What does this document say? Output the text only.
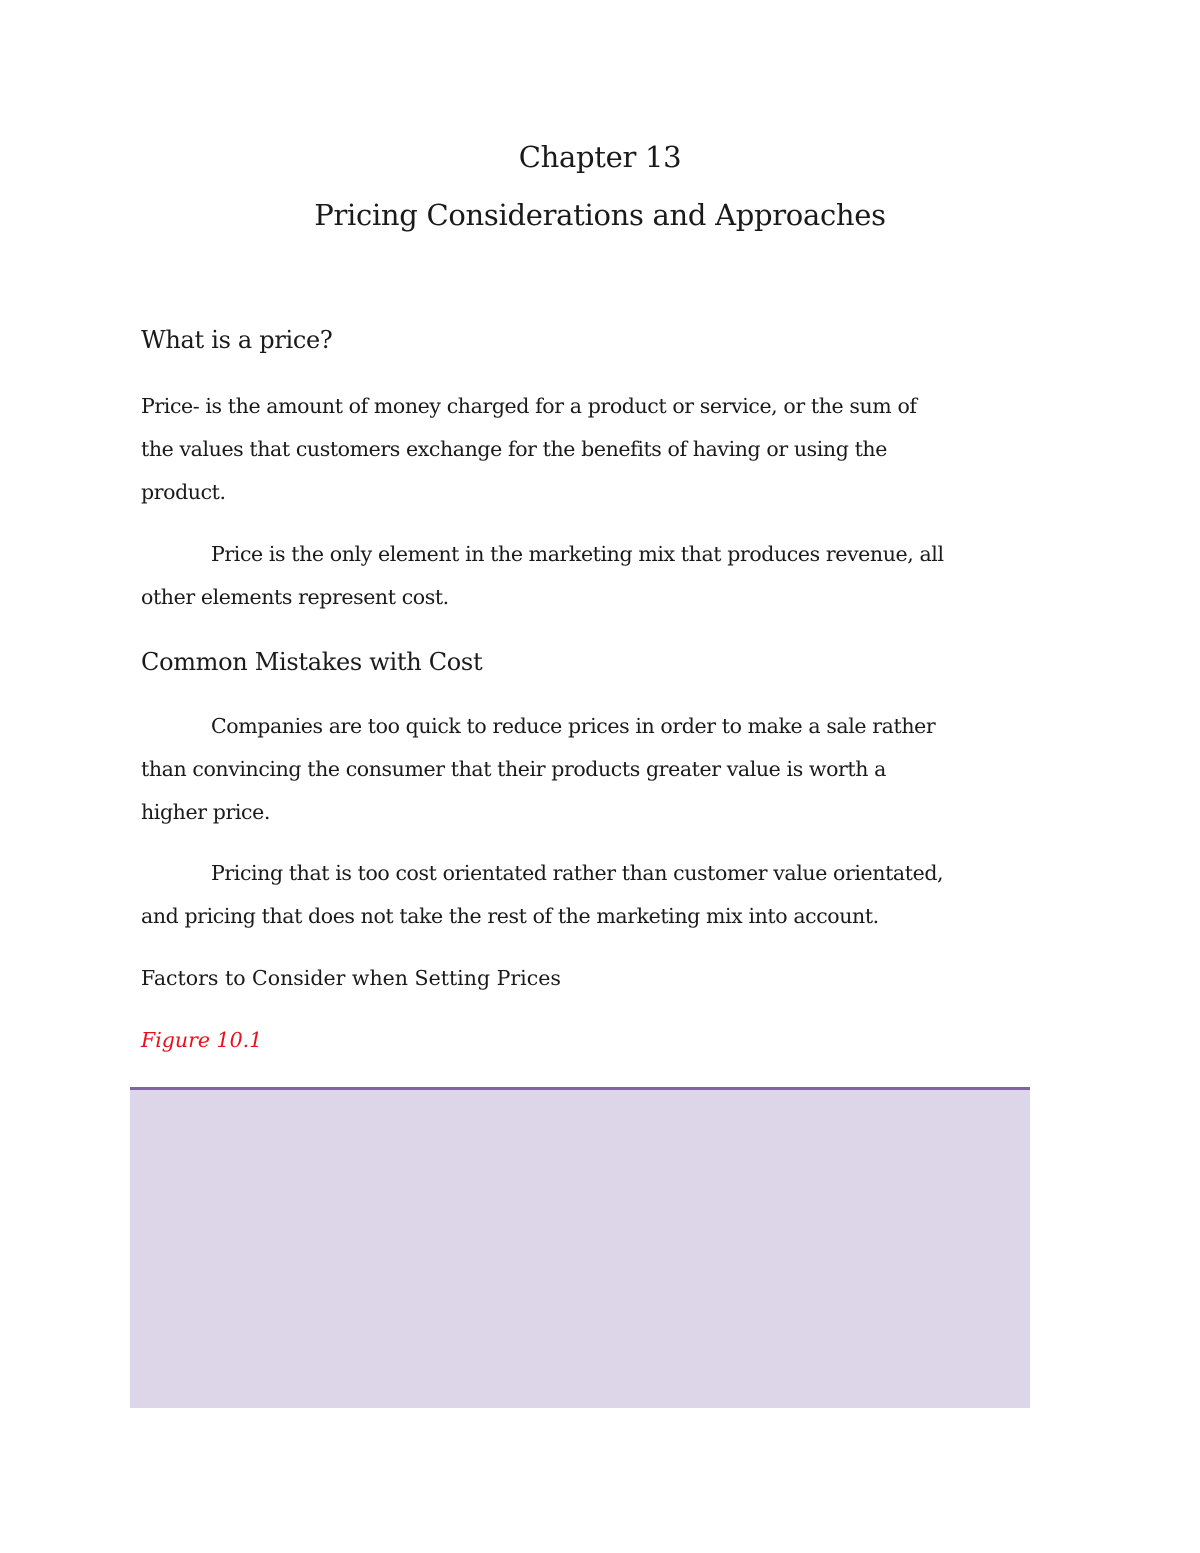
Chapter 13
Pricing Considerations and Approaches
What is a price?
Price- is the amount of money charged for a product or service, or the sum of
the values that customers exchange for the benefits of having or using the
product.
Price is the only element in the marketing mix that produces revenue, all
other elements represent cost.
Common Mistakes with Cost
Companies are too quick to reduce prices in order to make a sale rather
than convincing the consumer that their products greater value is worth a
higher price.
Pricing that is too cost orientated rather than customer value orientated,
and pricing that does not take the rest of the marketing mix into account.
Factors to Consider when Setting Prices
Figure 10.1
